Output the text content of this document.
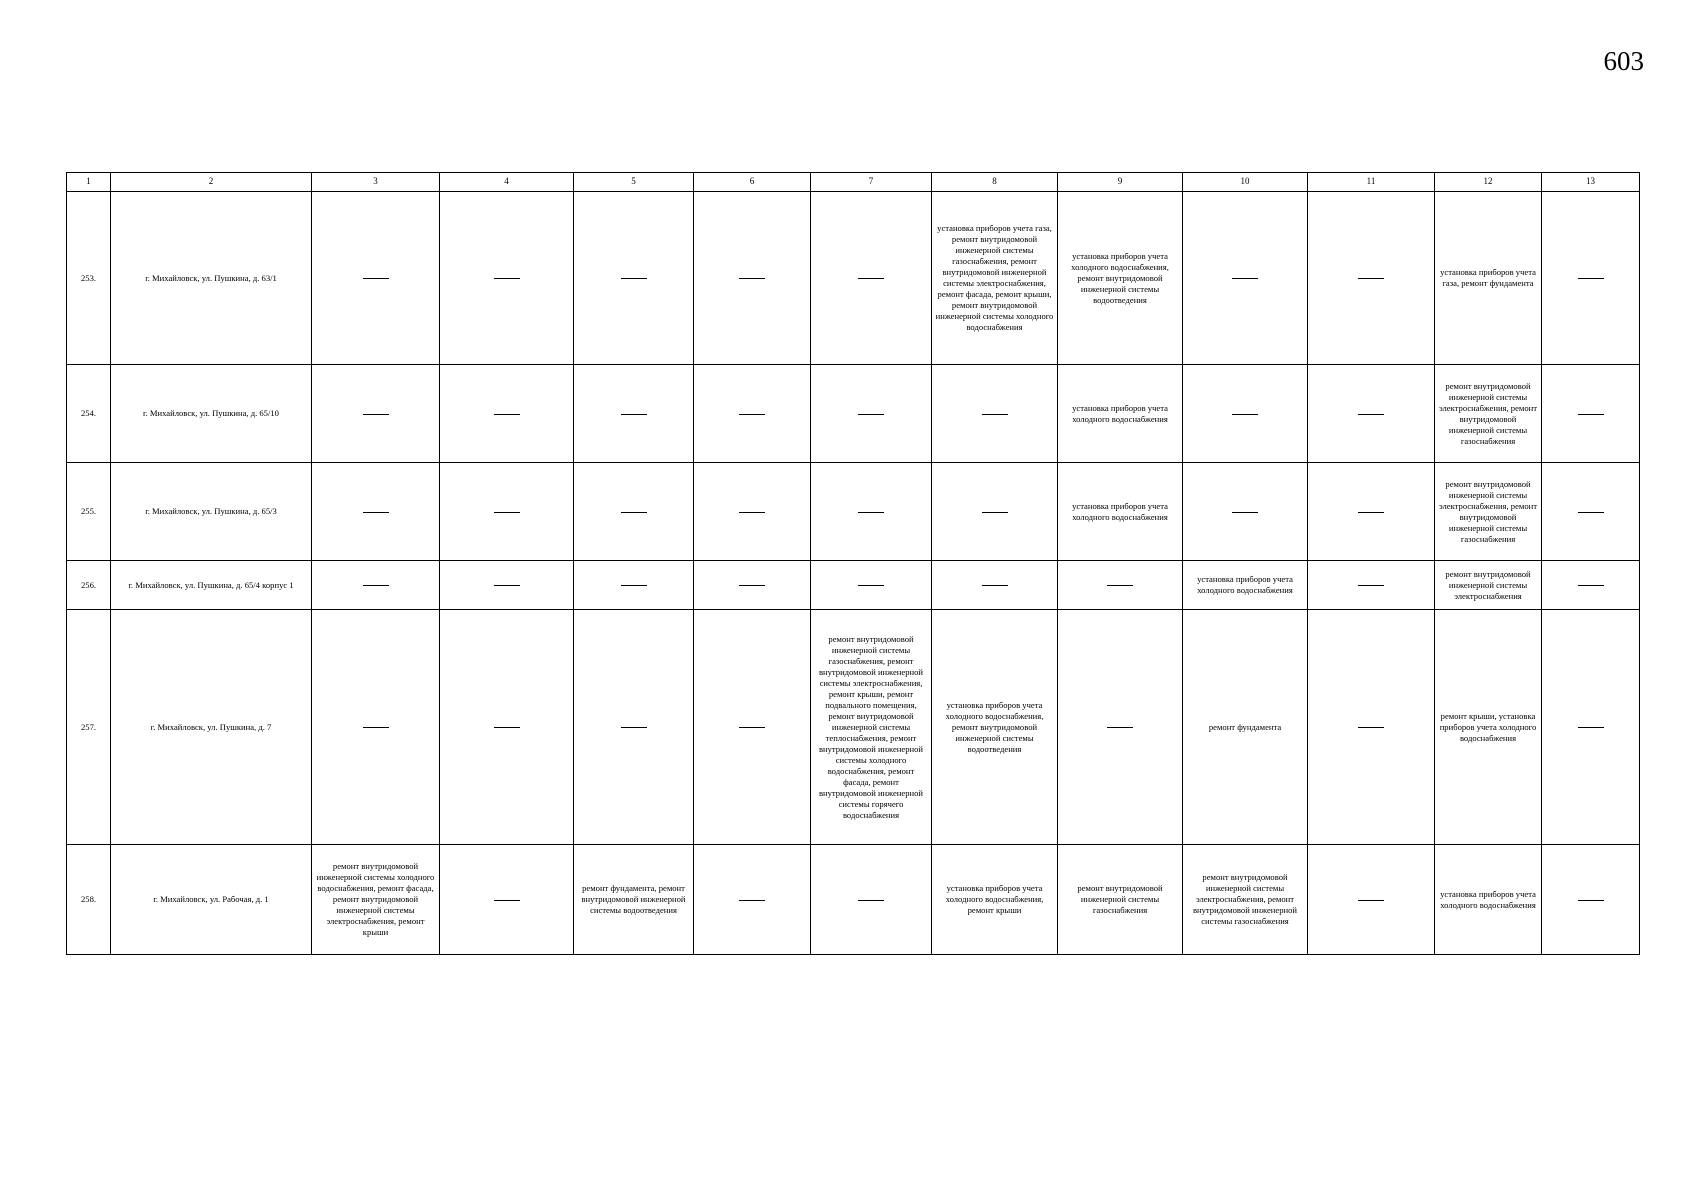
603
1	2	3	4	5	6	7	8	9	10	11	12	13
253.	г. Михайловск, ул. Пушкина, д. 63/1						установка приборов учета газа, ремонт внутридомовой инженерной системы газоснабжения, ремонт внутридомовой инженерной системы электроснабжения, ремонт фасада, ремонт крыши, ремонт внутридомовой инженерной системы холодного водоснабжения	установка приборов учета холодного водоснабжения, ремонт внутридомовой инженерной системы водоотведения			установка приборов учета газа, ремонт фундамента	
254.	г. Михайловск, ул. Пушкина, д. 65/10							установка приборов учета холодного водоснабжения			ремонт внутридомовой инженерной системы электроснабжения, ремонт внутридомовой инженерной системы газоснабжения	
255.	г. Михайловск, ул. Пушкина, д. 65/3							установка приборов учета холодного водоснабжения			ремонт внутридомовой инженерной системы электроснабжения, ремонт внутридомовой инженерной системы газоснабжения	
256.	г. Михайловск, ул. Пушкина, д. 65/4 корпус 1								установка приборов учета холодного водоснабжения		ремонт внутридомовой инженерной системы электроснабжения	
257.	г. Михайловск, ул. Пушкина, д. 7					ремонт внутридомовой инженерной системы газоснабжения, ремонт внутридомовой инженерной системы электроснабжения, ремонт крыши, ремонт подвального помещения, ремонт внутридомовой инженерной системы теплоснабжения, ремонт внутридомовой инженерной системы холодного водоснабжения, ремонт фасада, ремонт внутридомовой инженерной системы горячего водоснабжения	установка приборов учета холодного водоснабжения, ремонт внутридомовой инженерной системы водоотведения		ремонт фундамента		ремонт крыши, установка приборов учета холодного водоснабжения	
258.	г. Михайловск, ул. Рабочая, д. 1	ремонт внутридомовой инженерной системы холодного водоснабжения, ремонт фасада, ремонт внутридомовой инженерной системы электроснабжения, ремонт крыши		ремонт фундамента, ремонт внутридомовой инженерной системы водоотведения			установка приборов учета холодного водоснабжения, ремонт крыши	ремонт внутридомовой инженерной системы газоснабжения	ремонт внутридомовой инженерной системы электроснабжения, ремонт внутридомовой инженерной системы газоснабжения		установка приборов учета холодного водоснабжения	
